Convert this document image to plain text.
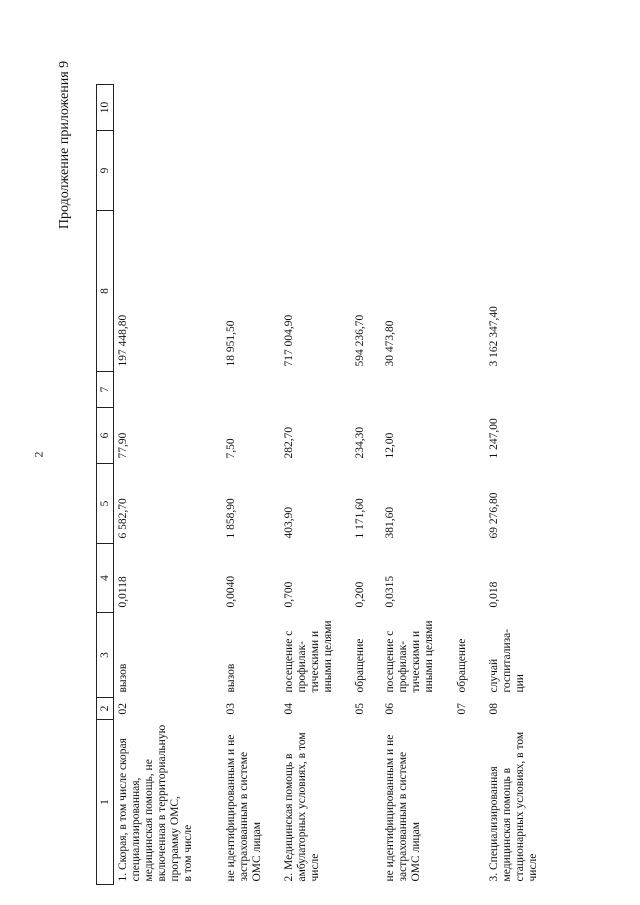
2
Продолжение приложения 9
1	2	3	4	5	6	7	8	9	10
1. Скорая, в том числе скорая специализированная, медицинская помощь, не включенная в территориальную программу ОМС,
в том числе	02	вызов	0,0118	6 582,70	77,90		197 448,80		
не идентифицированным и не застрахованным в системе ОМС лицам	03	вызов	0,0040	1 858,90	7,50		18 951,50		
2. Медицинская помощь в амбулаторных условиях, в том числе	04	посещение с профилак-тическими и иными целями	0,700	403,90	282,70		717 004,90		
	05	обращение	0,200	1 171,60	234,30		594 236,70		
не идентифицированным и не застрахованным в системе ОМС лицам	06	посещение с профилак-тическими и иными целями	0,0315	381,60	12,00		30 473,80		
	07	обращение							
3. Специализированная медицинская помощь в стационарных условиях, в том числе	08	случай госпитализа-ции	0,018	69 276,80	1 247,00		3 162 347,40		
